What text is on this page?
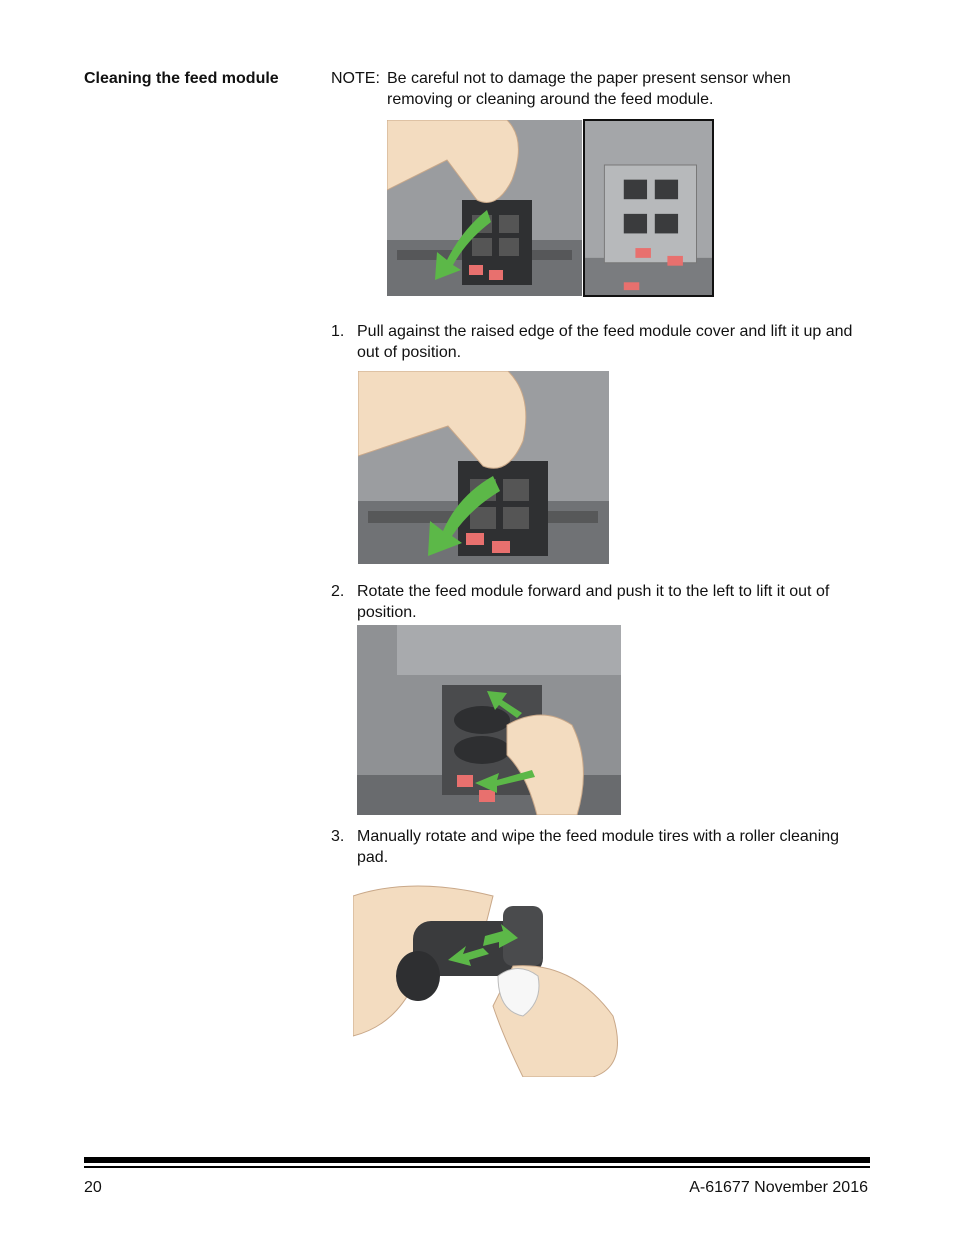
Cleaning the feed module	NOTE: Be careful not to damage the paper present sensor when removing or cleaning around the feed module.
1. Pull against the raised edge of the feed module cover and lift it up and out of position.
2. Rotate the feed module forward and push it to the left to lift it out of position.
3. Manually rotate and wipe the feed module tires with a roller cleaning pad.
20	A-61677 November 2016
